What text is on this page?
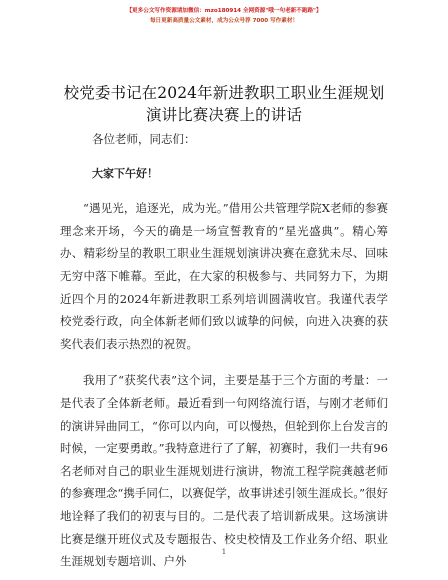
【更多公文写作资源请加微信：mzo180914 全网资源"哦一句老新不跑路"】
每日更新高质量公文素材，成为公众号荐 7000 写作素材！
校党委书记在2024年新进教职工职业生涯规划
演讲比赛决赛上的讲话

各位老师，同志们：

大家下午好！

“遇见光，追逐光，成为光。”借用公共管理学院X老师的参赛理念来开场，今天的确是一场宣誓教育的“星光盛典”。精心筹办、精彩纷呈的教职工职业生涯规划演讲决赛在意犹未尽、回味无穷中落下帷幕。至此，在大家的积极参与、共同努力下，为期近四个月的2024年新进教职工系列培训圆满收官。我谨代表学校党委行政，向全体新老师们致以诚挚的问候，向进入决赛的获奖代表们表示热烈的祝贺。

我用了“获奖代表”这个词，主要是基于三个方面的考量：一是代表了全体新老师。最近看到一句网络流行语，与刚才老师们的演讲异曲同工，“你可以内向，可以慢热，但轮到你上台发言的时候，一定要勇敢。”我特意进行了了解，初赛时，我们一共有96名老师对自己的职业生涯规划进行演讲，物流工程学院龚越老师的参赛理念“携手同仁，以赛促学，故事讲述引领生涯成长。”很好地诠释了我们的初衷与目的。二是代表了培训新成果。这场演讲比赛是继开班仪式及专题报告、校史校情及工作业务介绍、职业生涯规划专题培训、户外

1
